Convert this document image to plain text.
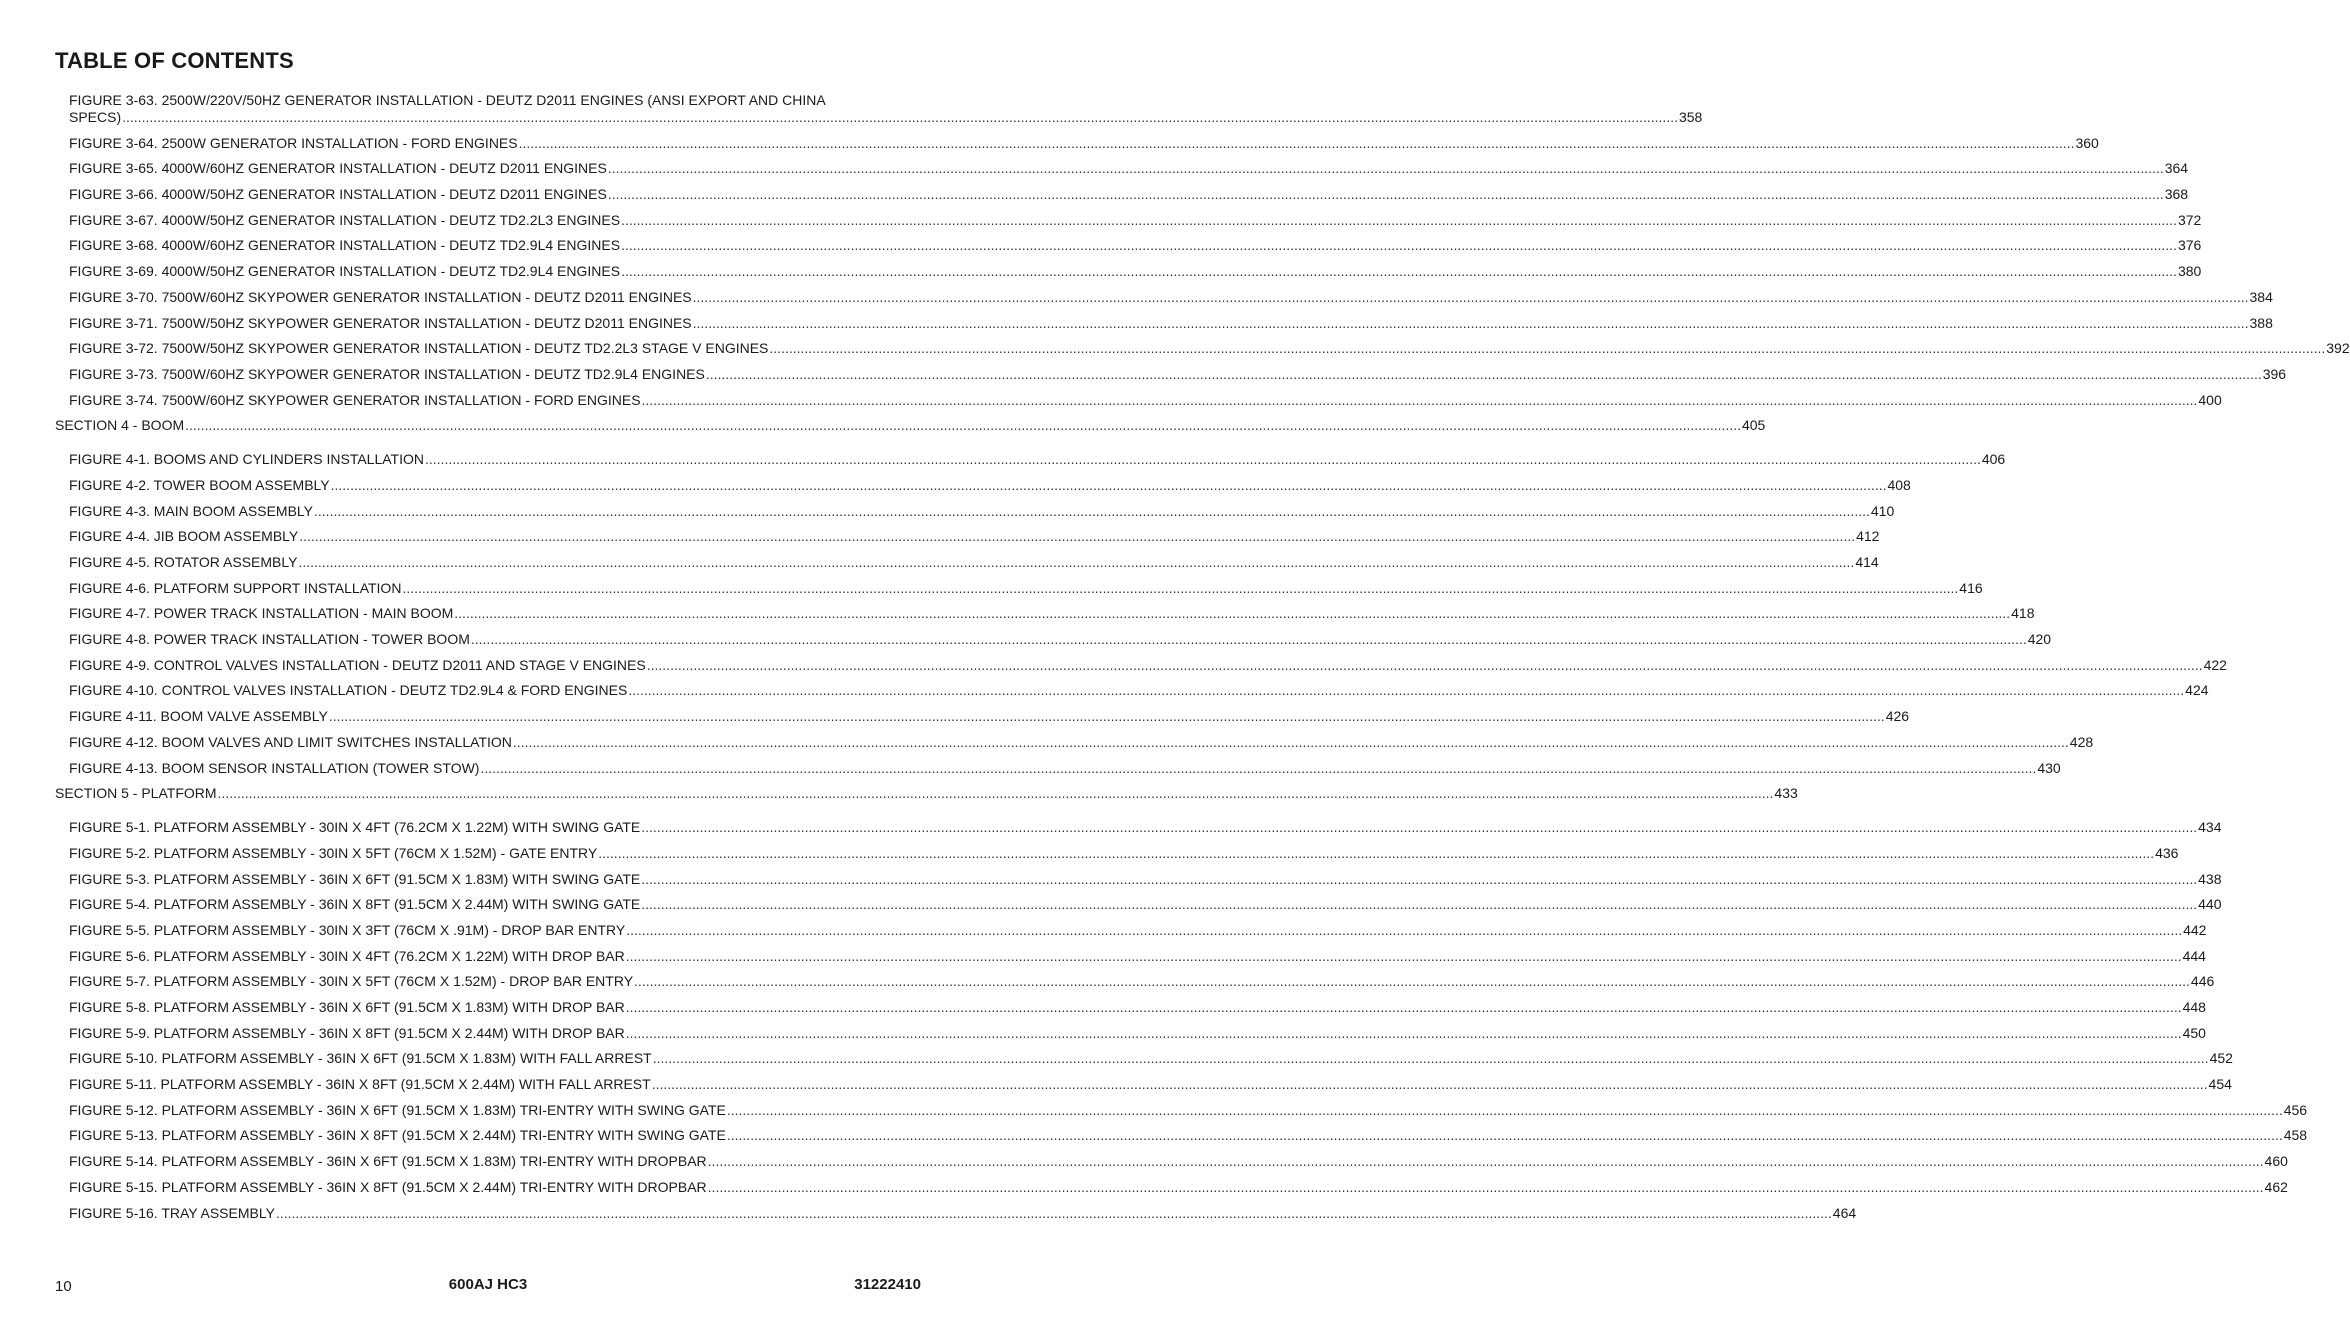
TABLE OF CONTENTS
FIGURE 3-63. 2500W/220V/50HZ GENERATOR INSTALLATION - DEUTZ D2011 ENGINES (ANSI EXPORT AND CHINA
SPECS) ................................................................................................................................................................................................................................................................................................................................................................................................................ 358
FIGURE 3-64. 2500W GENERATOR INSTALLATION - FORD ENGINES ................................................................................................................................................................................................................................................................................................................................................................................................................ 360
FIGURE 3-65. 4000W/60HZ GENERATOR INSTALLATION - DEUTZ D2011 ENGINES ................................................................................................................................................................................................................................................................................................................................................................................................................ 364
FIGURE 3-66. 4000W/50HZ GENERATOR INSTALLATION - DEUTZ D2011 ENGINES ................................................................................................................................................................................................................................................................................................................................................................................................................ 368
FIGURE 3-67. 4000W/50HZ GENERATOR INSTALLATION - DEUTZ TD2.2L3 ENGINES ................................................................................................................................................................................................................................................................................................................................................................................................................ 372
FIGURE 3-68. 4000W/60HZ GENERATOR INSTALLATION - DEUTZ TD2.9L4 ENGINES ................................................................................................................................................................................................................................................................................................................................................................................................................ 376
FIGURE 3-69. 4000W/50HZ GENERATOR INSTALLATION - DEUTZ TD2.9L4 ENGINES ................................................................................................................................................................................................................................................................................................................................................................................................................ 380
FIGURE 3-70. 7500W/60HZ SKYPOWER GENERATOR INSTALLATION - DEUTZ D2011 ENGINES ................................................................................................................................................................................................................................................................................................................................................................................................................ 384
FIGURE 3-71. 7500W/50HZ SKYPOWER GENERATOR INSTALLATION - DEUTZ D2011 ENGINES ................................................................................................................................................................................................................................................................................................................................................................................................................ 388
FIGURE 3-72. 7500W/50HZ SKYPOWER GENERATOR INSTALLATION - DEUTZ TD2.2L3 STAGE V ENGINES ................................................................................................................................................................................................................................................................................................................................................................................................................ 392
FIGURE 3-73. 7500W/60HZ SKYPOWER GENERATOR INSTALLATION - DEUTZ TD2.9L4 ENGINES ................................................................................................................................................................................................................................................................................................................................................................................................................ 396
FIGURE 3-74. 7500W/60HZ SKYPOWER GENERATOR INSTALLATION - FORD ENGINES ................................................................................................................................................................................................................................................................................................................................................................................................................ 400
SECTION 4 - BOOM ................................................................................................................................................................................................................................................................................................................................................................................................................ 405
FIGURE 4-1. BOOMS AND CYLINDERS INSTALLATION ................................................................................................................................................................................................................................................................................................................................................................................................................ 406
FIGURE 4-2. TOWER BOOM ASSEMBLY ................................................................................................................................................................................................................................................................................................................................................................................................................ 408
FIGURE 4-3. MAIN BOOM ASSEMBLY ................................................................................................................................................................................................................................................................................................................................................................................................................ 410
FIGURE 4-4. JIB BOOM ASSEMBLY ................................................................................................................................................................................................................................................................................................................................................................................................................ 412
FIGURE 4-5. ROTATOR ASSEMBLY ................................................................................................................................................................................................................................................................................................................................................................................................................ 414
FIGURE 4-6. PLATFORM SUPPORT INSTALLATION ................................................................................................................................................................................................................................................................................................................................................................................................................ 416
FIGURE 4-7. POWER TRACK INSTALLATION - MAIN BOOM ................................................................................................................................................................................................................................................................................................................................................................................................................ 418
FIGURE 4-8. POWER TRACK INSTALLATION - TOWER BOOM ................................................................................................................................................................................................................................................................................................................................................................................................................ 420
FIGURE 4-9. CONTROL VALVES INSTALLATION - DEUTZ D2011 AND STAGE V ENGINES ................................................................................................................................................................................................................................................................................................................................................................................................................ 422
FIGURE 4-10. CONTROL VALVES INSTALLATION - DEUTZ TD2.9L4 & FORD ENGINES ................................................................................................................................................................................................................................................................................................................................................................................................................ 424
FIGURE 4-11. BOOM VALVE ASSEMBLY ................................................................................................................................................................................................................................................................................................................................................................................................................ 426
FIGURE 4-12. BOOM VALVES AND LIMIT SWITCHES INSTALLATION ................................................................................................................................................................................................................................................................................................................................................................................................................ 428
FIGURE 4-13. BOOM SENSOR INSTALLATION (TOWER STOW) ................................................................................................................................................................................................................................................................................................................................................................................................................ 430
SECTION 5 - PLATFORM ................................................................................................................................................................................................................................................................................................................................................................................................................ 433
FIGURE 5-1. PLATFORM ASSEMBLY - 30IN X 4FT (76.2CM X 1.22M) WITH SWING GATE ................................................................................................................................................................................................................................................................................................................................................................................................................ 434
FIGURE 5-2. PLATFORM ASSEMBLY - 30IN X 5FT (76CM X 1.52M) - GATE ENTRY ................................................................................................................................................................................................................................................................................................................................................................................................................ 436
FIGURE 5-3. PLATFORM ASSEMBLY - 36IN X 6FT (91.5CM X 1.83M) WITH SWING GATE ................................................................................................................................................................................................................................................................................................................................................................................................................ 438
FIGURE 5-4. PLATFORM ASSEMBLY - 36IN X 8FT (91.5CM X 2.44M) WITH SWING GATE ................................................................................................................................................................................................................................................................................................................................................................................................................ 440
FIGURE 5-5. PLATFORM ASSEMBLY - 30IN X 3FT (76CM X .91M) - DROP BAR ENTRY ................................................................................................................................................................................................................................................................................................................................................................................................................ 442
FIGURE 5-6. PLATFORM ASSEMBLY - 30IN X 4FT (76.2CM X 1.22M) WITH DROP BAR ................................................................................................................................................................................................................................................................................................................................................................................................................ 444
FIGURE 5-7. PLATFORM ASSEMBLY - 30IN X 5FT (76CM X 1.52M) - DROP BAR ENTRY ................................................................................................................................................................................................................................................................................................................................................................................................................ 446
FIGURE 5-8. PLATFORM ASSEMBLY - 36IN X 6FT (91.5CM X 1.83M) WITH DROP BAR ................................................................................................................................................................................................................................................................................................................................................................................................................ 448
FIGURE 5-9. PLATFORM ASSEMBLY - 36IN X 8FT (91.5CM X 2.44M) WITH DROP BAR ................................................................................................................................................................................................................................................................................................................................................................................................................ 450
FIGURE 5-10. PLATFORM ASSEMBLY - 36IN X 6FT (91.5CM X 1.83M) WITH FALL ARREST ................................................................................................................................................................................................................................................................................................................................................................................................................ 452
FIGURE 5-11. PLATFORM ASSEMBLY - 36IN X 8FT (91.5CM X 2.44M) WITH FALL ARREST ................................................................................................................................................................................................................................................................................................................................................................................................................ 454
FIGURE 5-12. PLATFORM ASSEMBLY - 36IN X 6FT (91.5CM X 1.83M) TRI-ENTRY WITH SWING GATE ................................................................................................................................................................................................................................................................................................................................................................................................................ 456
FIGURE 5-13. PLATFORM ASSEMBLY - 36IN X 8FT (91.5CM X 2.44M) TRI-ENTRY WITH SWING GATE ................................................................................................................................................................................................................................................................................................................................................................................................................ 458
FIGURE 5-14. PLATFORM ASSEMBLY - 36IN X 6FT (91.5CM X 1.83M) TRI-ENTRY WITH DROPBAR ................................................................................................................................................................................................................................................................................................................................................................................................................ 460
FIGURE 5-15. PLATFORM ASSEMBLY - 36IN X 8FT (91.5CM X 2.44M) TRI-ENTRY WITH DROPBAR ................................................................................................................................................................................................................................................................................................................................................................................................................ 462
FIGURE 5-16. TRAY ASSEMBLY ................................................................................................................................................................................................................................................................................................................................................................................................................ 464
10	600AJ HC3	31222410
